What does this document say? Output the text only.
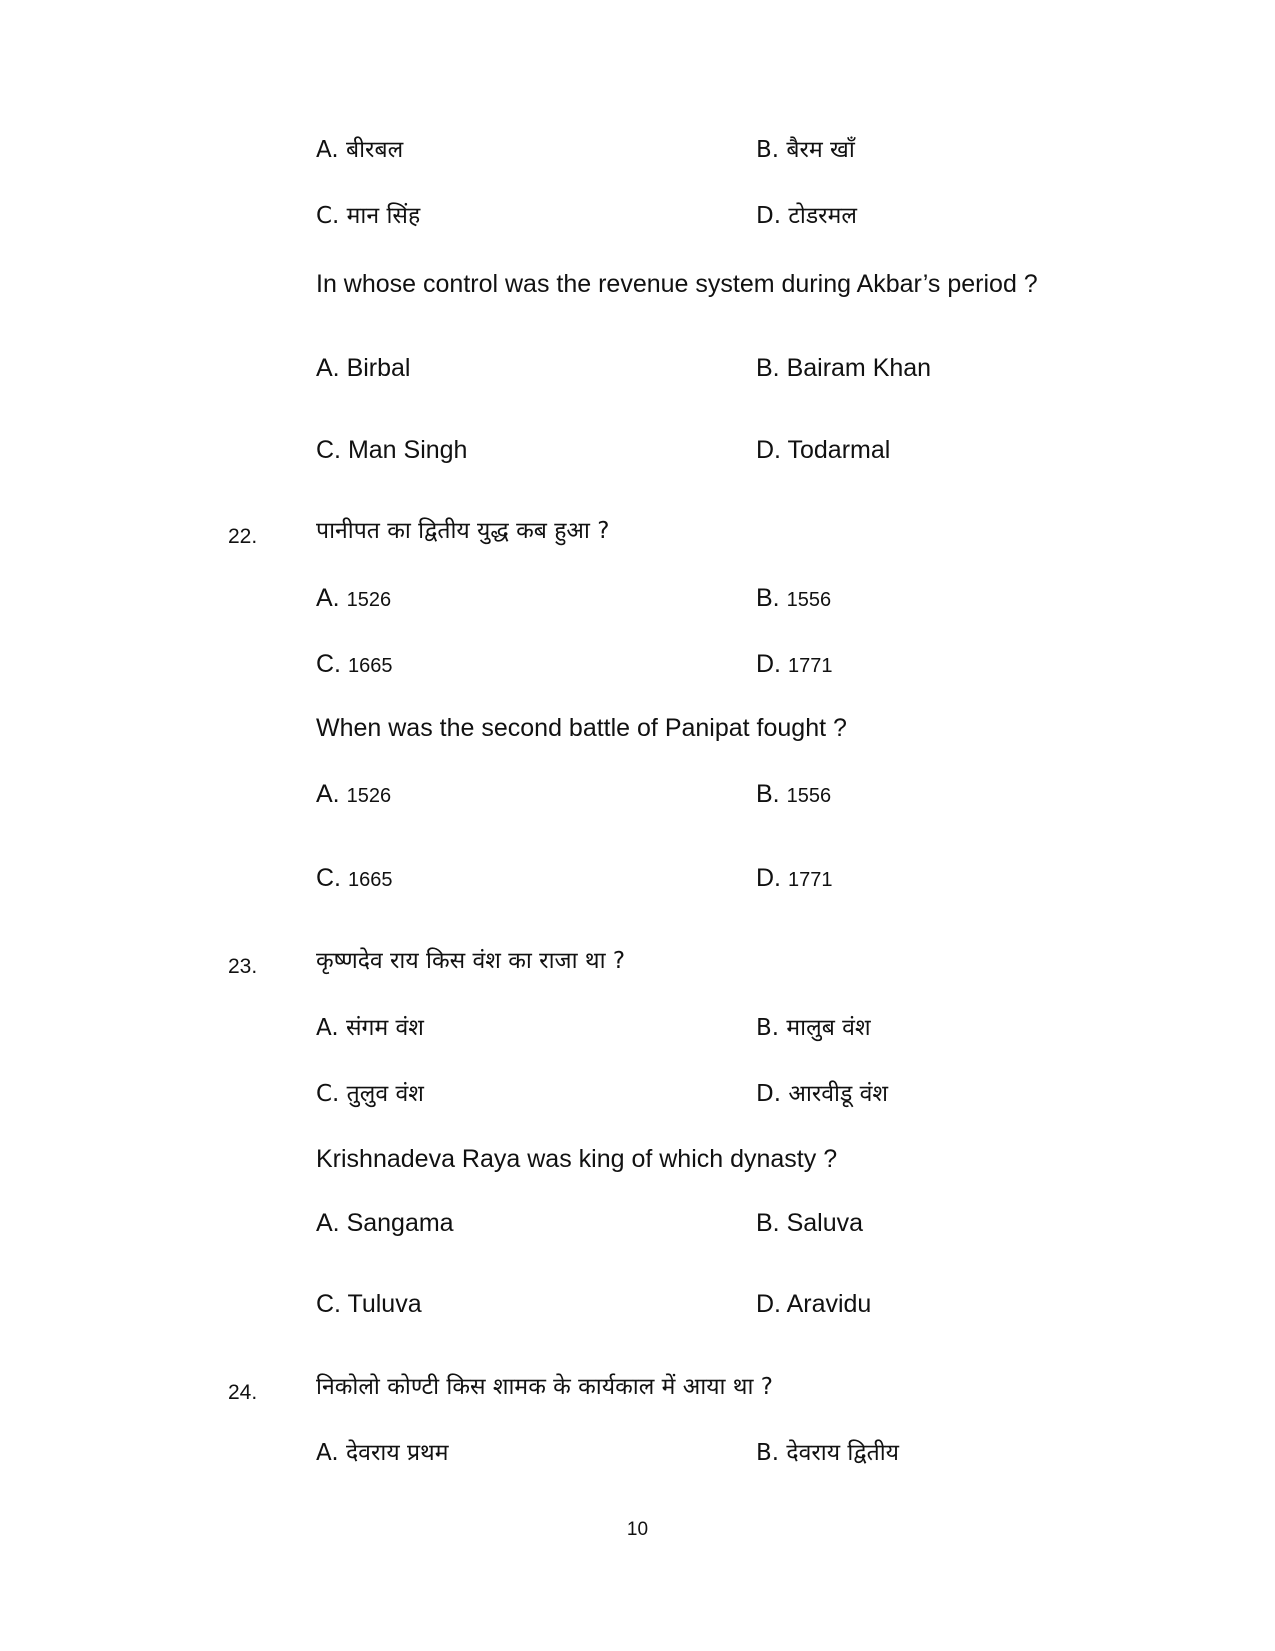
A. बीरबल	B. बैरम खाँ
C. मान सिंह	D. टोडरमल
In whose control was the revenue system during Akbar’s period ?
A. Birbal	B. Bairam Khan
C. Man Singh	D. Todarmal
22.	पानीपत का द्वितीय युद्ध कब हुआ ?
A. 1526	B. 1556
C. 1665	D. 1771
When was the second battle of Panipat fought ?
A. 1526	B. 1556
C. 1665	D. 1771
23.	कृष्णदेव राय किस वंश का राजा था ?
A. संगम वंश	B. मालुब वंश
C. तुलुव वंश	D. आरवीडू वंश
Krishnadeva Raya was king of which dynasty ?
A. Sangama	B. Saluva
C. Tuluva	D. Aravidu
24.	निकोलो कोण्टी किस शामक के कार्यकाल में आया था ?
A. देवराय प्रथम	B. देवराय द्वितीय
10
